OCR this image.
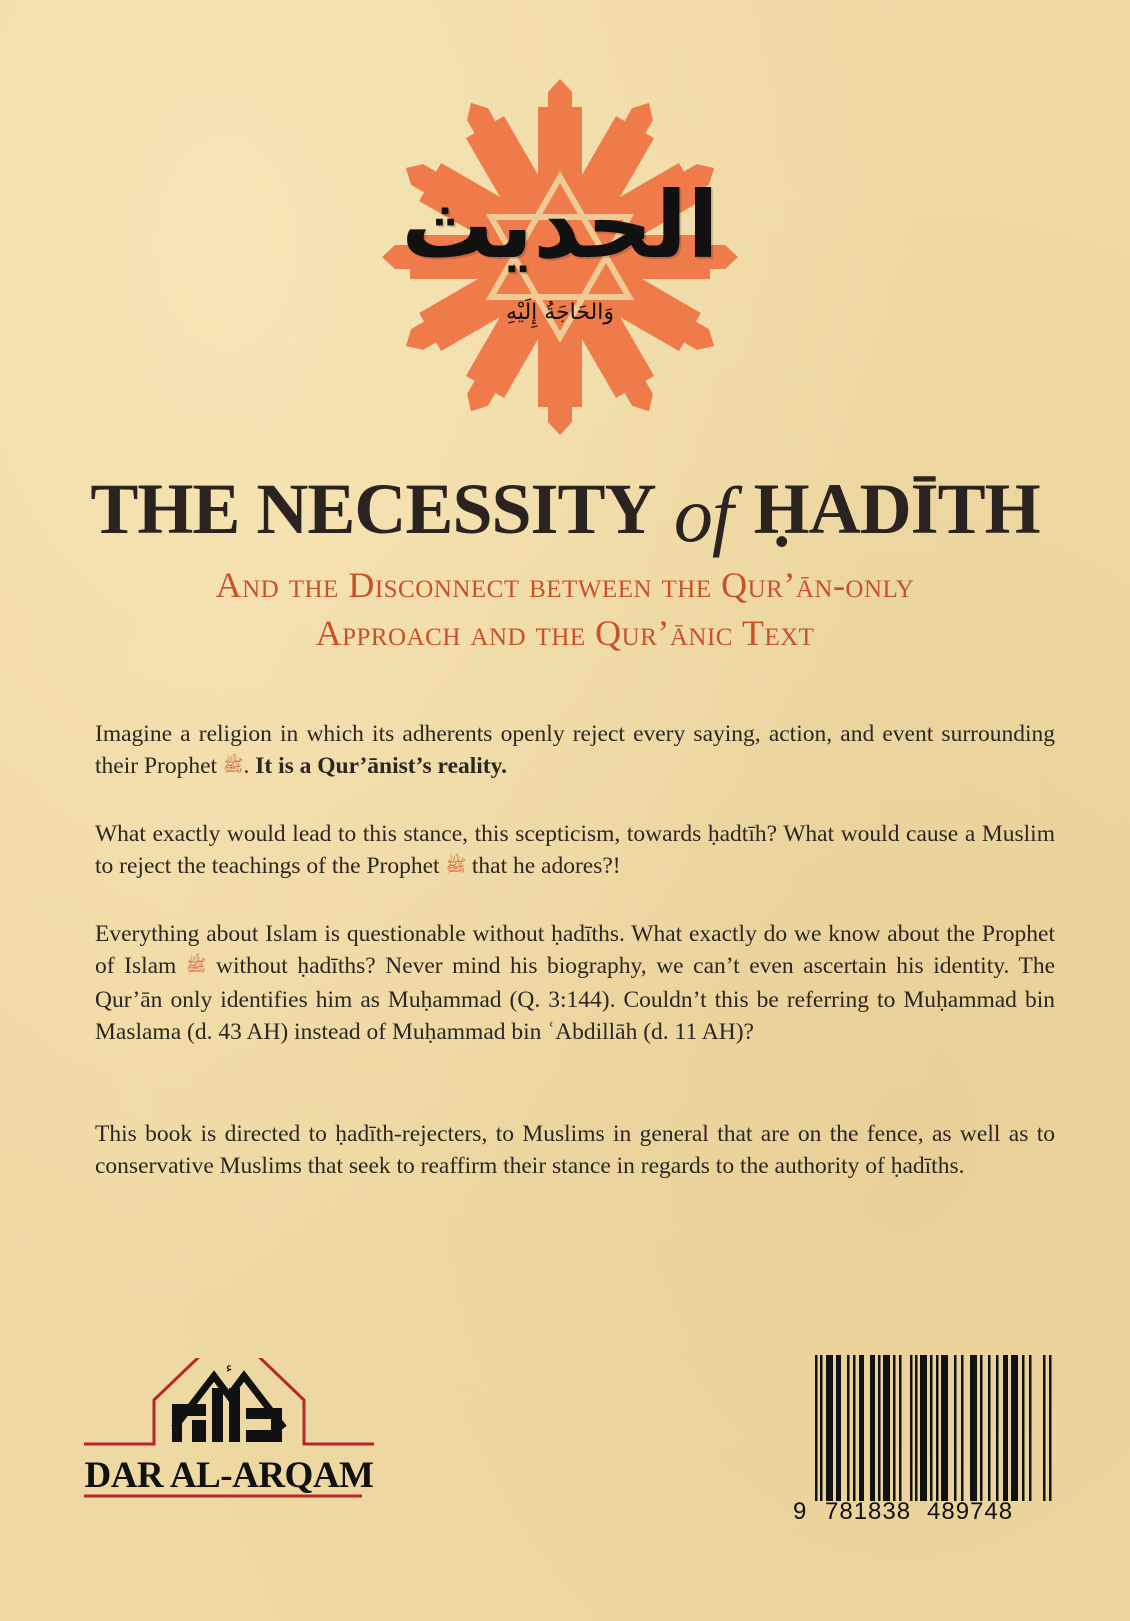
الحديث
وَالحَاجَةُ إِلَيْهِ
THE NECESSITY of ḤADĪTH
And the Disconnect between the Qur’ān-only
Approach and the Qur’ānic Text

Imagine a religion in which its adherents openly reject every saying, action, and event surrounding their Prophet ﷺ. It is a Qur’ānist’s reality.

What exactly would lead to this stance, this scepticism, towards ḥadtīh? What would cause a Muslim to reject the teachings of the Prophet ﷺ that he adores?!

Everything about Islam is questionable without ḥadīths. What exactly do we know about the Prophet of Islam ﷺ without ḥadīths? Never mind his biography, we can’t even ascertain his identity. The Qur’ān only identifies him as Muḥammad (Q. 3:144). Couldn’t this be referring to Muḥammad bin Maslama (d. 43 AH) instead of Muḥammad bin ʿAbdillāh (d. 11 AH)?

This book is directed to ḥadīth-rejecters, to Muslims in general that are on the fence, as well as to conservative Muslims that seek to reaffirm their stance in regards to the authority of ḥadīths.

ء
DAR AL-ARQAM
9 781838 489748
